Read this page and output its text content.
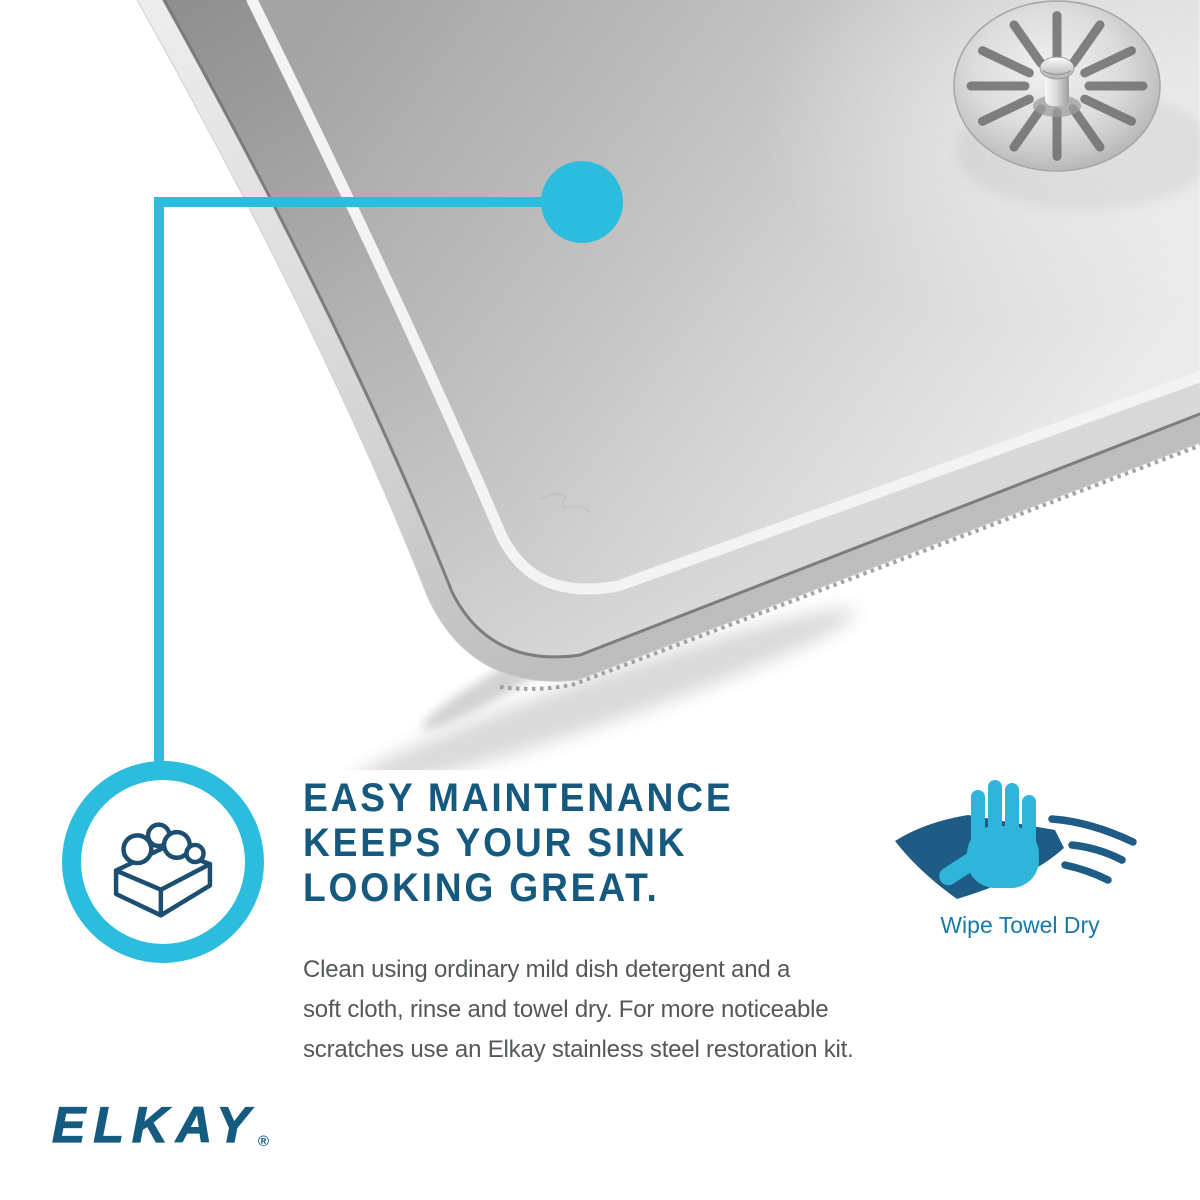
EASY MAINTENANCE
KEEPS YOUR SINK
LOOKING GREAT.

Clean using ordinary mild dish detergent and a
soft cloth, rinse and towel dry. For more noticeable
scratches use an Elkay stainless steel restoration kit.

Wipe Towel Dry
ELKAY®
